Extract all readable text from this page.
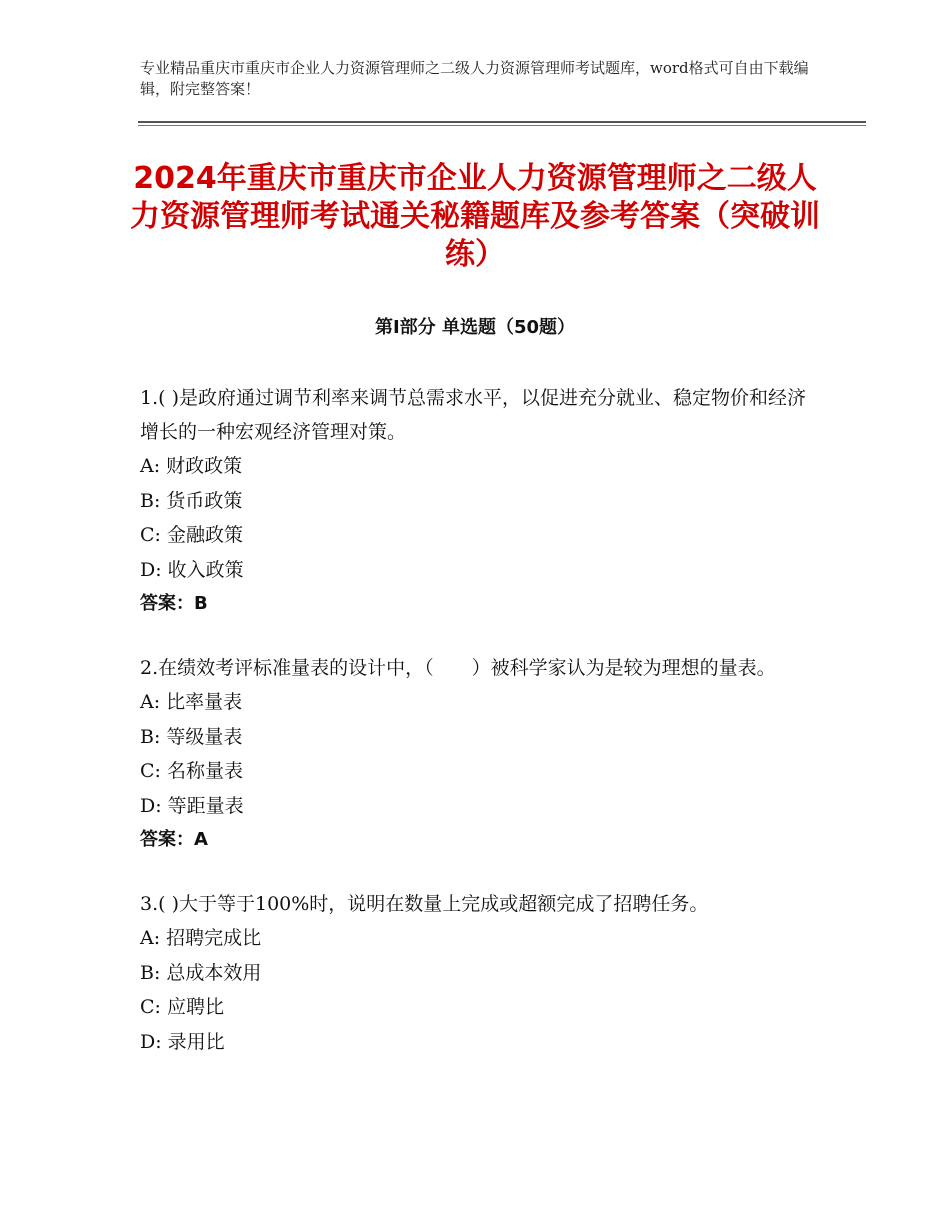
专业精品重庆市重庆市企业人力资源管理师之二级人力资源管理师考试题库，word格式可自由下载编辑，附完整答案！
2024年重庆市重庆市企业人力资源管理师之二级人力资源管理师考试通关秘籍题库及参考答案（突破训练）
第Ⅰ部分 单选题（50题）
1.( )是政府通过调节利率来调节总需求水平，以促进充分就业、稳定物价和经济增长的一种宏观经济管理对策。
A: 财政政策
B: 货币政策
C: 金融政策
D: 收入政策
答案：B
2.在绩效考评标准量表的设计中，（　　）被科学家认为是较为理想的量表。
A: 比率量表
B: 等级量表
C: 名称量表
D: 等距量表
答案：A
3.( )大于等于100%时，说明在数量上完成或超额完成了招聘任务。
A: 招聘完成比
B: 总成本效用
C: 应聘比
D: 录用比
